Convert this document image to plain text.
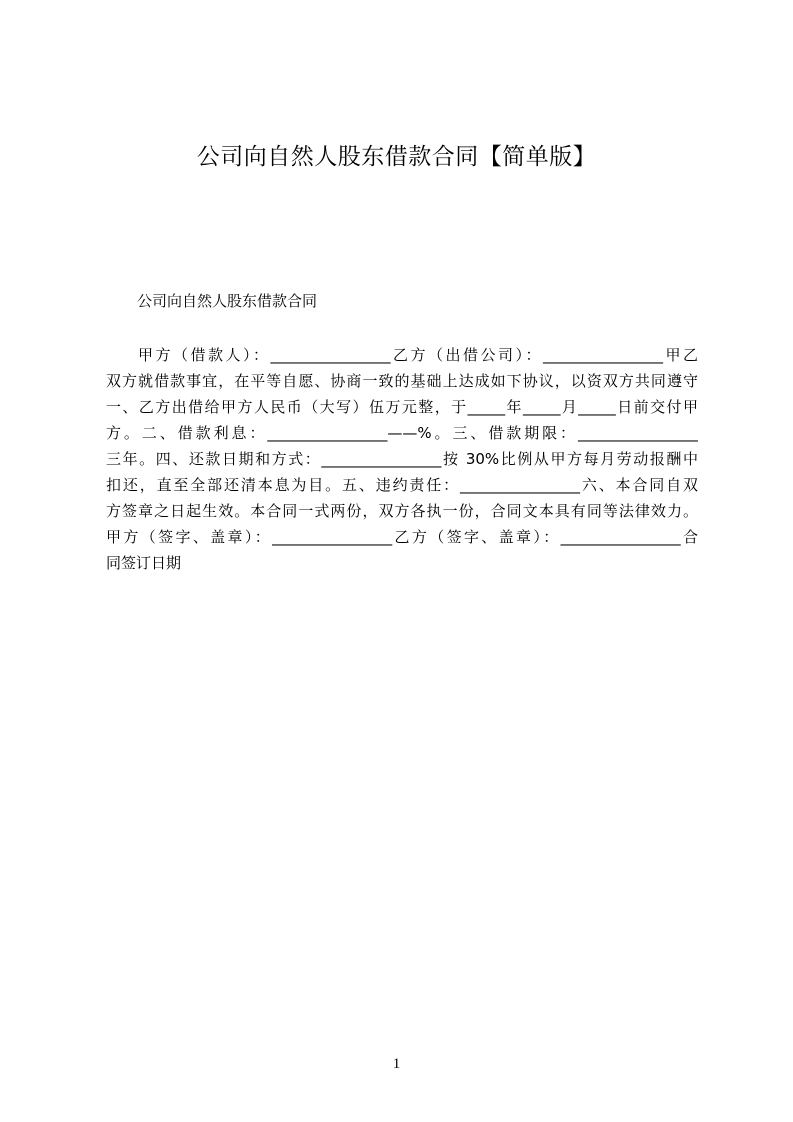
公司向自然人股东借款合同【简单版】

公司向自然人股东借款合同

甲方（借款人）：________________乙方（出借公司）：________________甲乙
双方就借款事宜，在平等自愿、协商一致的基础上达成如下协议，以资双方共同遵守
一、乙方出借给甲方人民币（大写）伍万元整，于_____年_____月_____日前交付甲
方。二、借款利息：________________——%。三、借款期限：________________
三年。四、还款日期和方式：________________按 30%比例从甲方每月劳动报酬中
扣还，直至全部还清本息为目。五、违约责任：________________六、本合同自双
方签章之日起生效。本合同一式两份，双方各执一份，合同文本具有同等法律效力。
甲方（签字、盖章）：________________乙方（签字、盖章）：________________合
同签订日期
1
